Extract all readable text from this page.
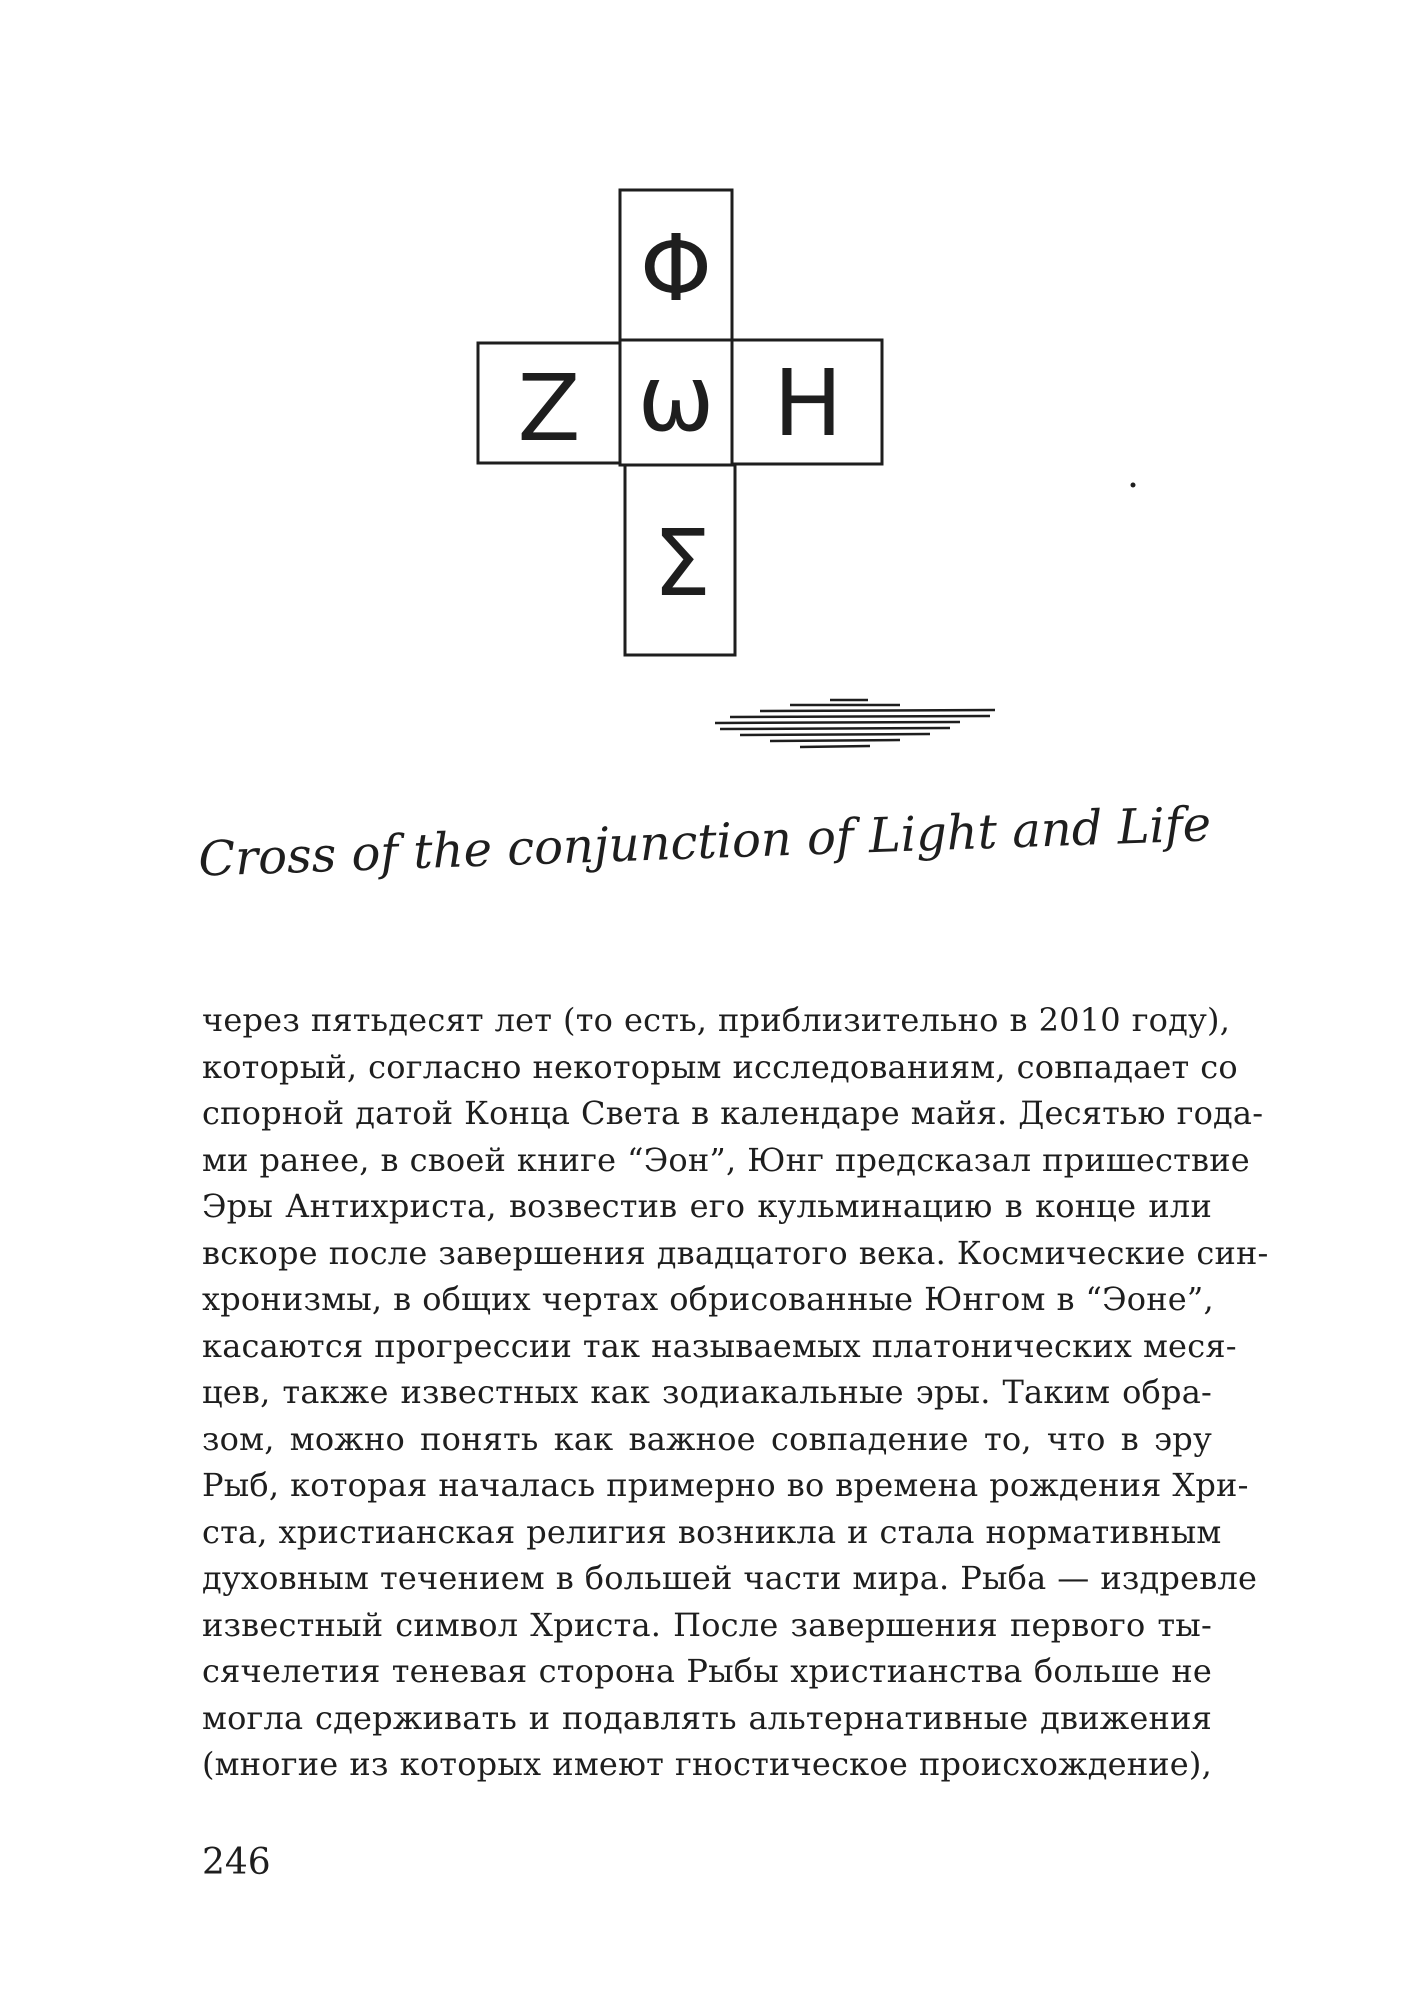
Φ
Z ω H
Σ
Cross of the conjunction of Light and Life
через пятьдесят лет (то есть, приблизительно в 2010 году),
который, согласно некоторым исследованиям, совпадает со
спорной датой Конца Света в календаре майя. Десятью года-
ми ранее, в своей книге “Эон”, Юнг предсказал пришествие
Эры Антихриста, возвестив его кульминацию в конце или
вскоре после завершения двадцатого века. Космические син-
хронизмы, в общих чертах обрисованные Юнгом в “Эоне”,
касаются прогрессии так называемых платонических меся-
цев, также известных как зодиакальные эры. Таким обра-
зом, можно понять как важное совпадение то, что в эру
Рыб, которая началась примерно во времена рождения Хри-
ста, христианская религия возникла и стала нормативным
духовным течением в большей части мира. Рыба — издревле
известный символ Христа. После завершения первого ты-
сячелетия теневая сторона Рыбы христианства больше не
могла сдерживать и подавлять альтернативные движения
(многие из которых имеют гностическое происхождение),
246
